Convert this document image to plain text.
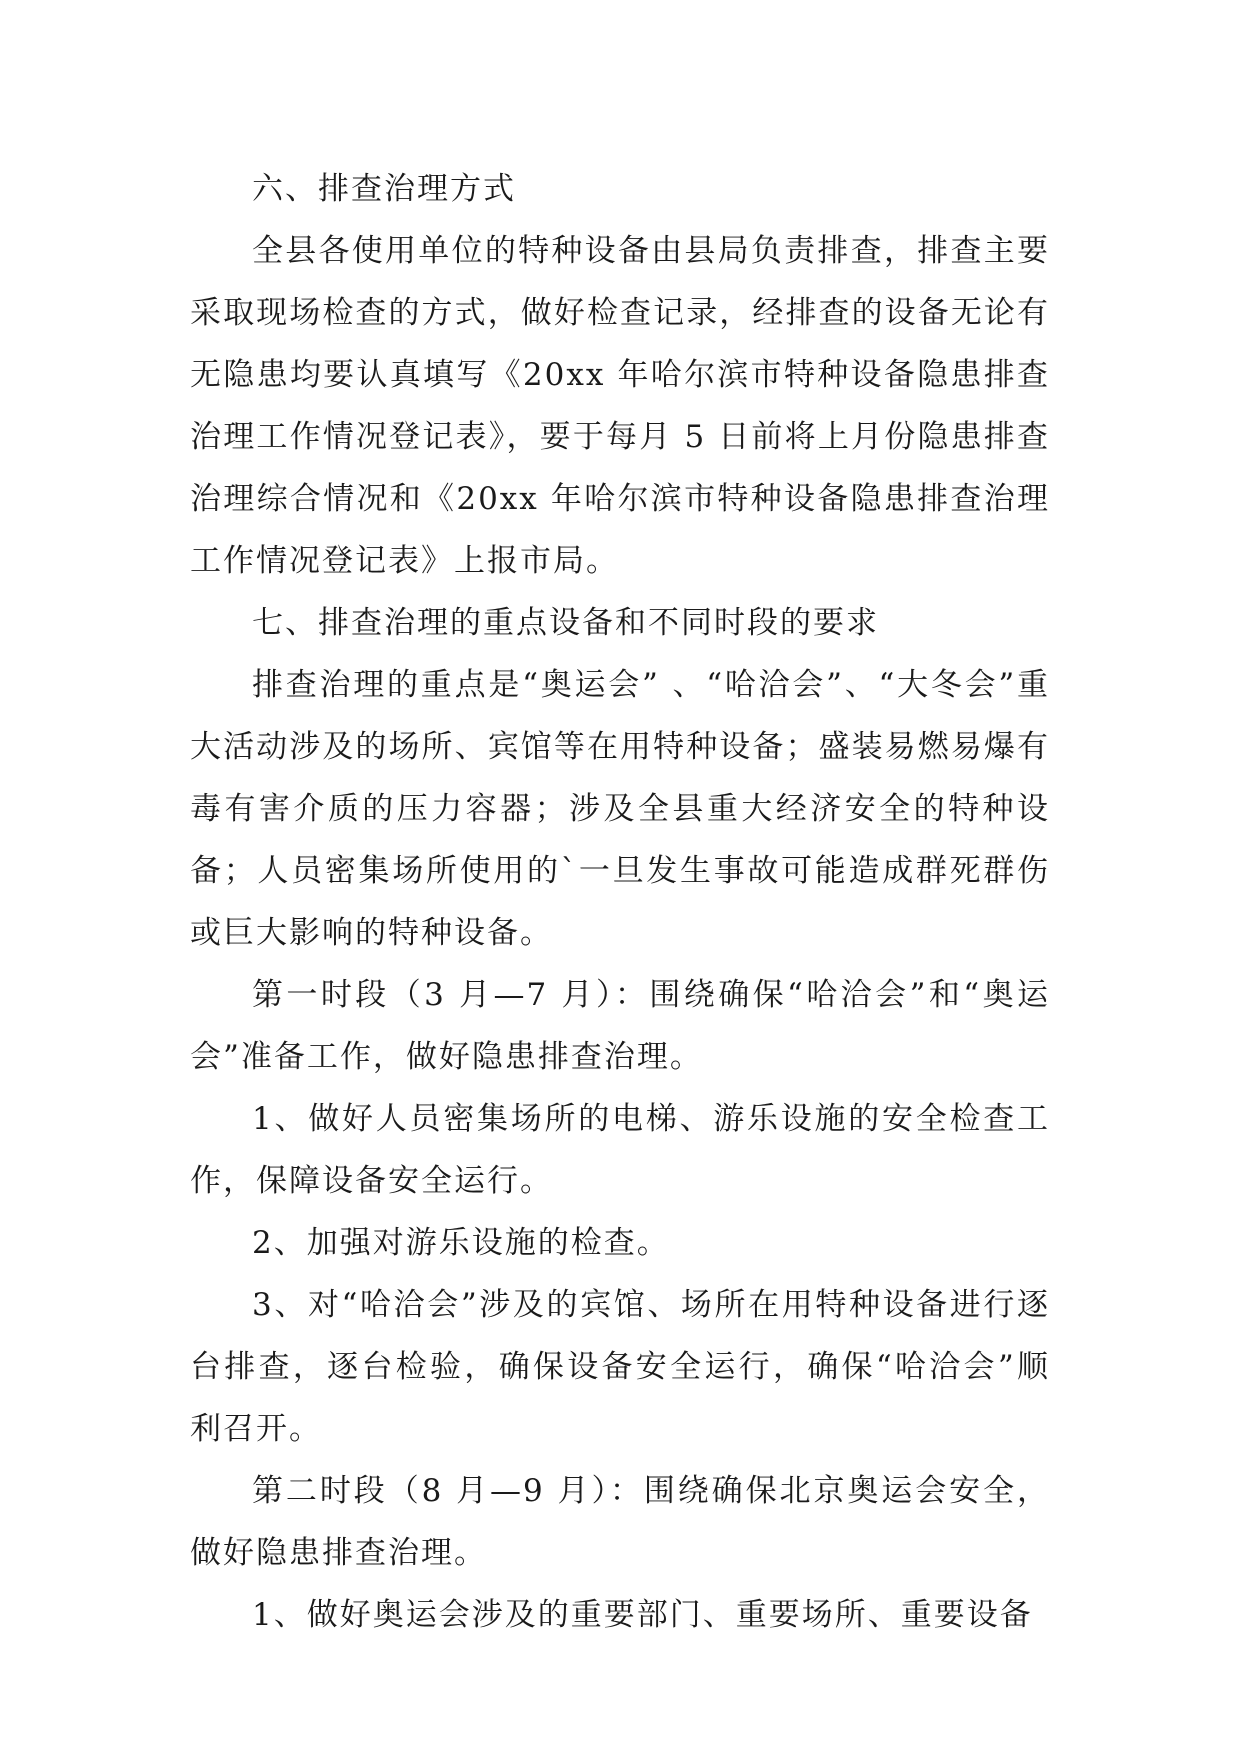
六、排查治理方式

全县各使用单位的特种设备由县局负责排查，排查主要采取现场检查的方式，做好检查记录，经排查的设备无论有无隐患均要认真填写《20xx 年哈尔滨市特种设备隐患排查治理工作情况登记表》，要于每月 5 日前将上月份隐患排查治理综合情况和《20xx 年哈尔滨市特种设备隐患排查治理工作情况登记表》上报市局。

七、排查治理的重点设备和不同时段的要求

排查治理的重点是“奥运会” 、“哈洽会”、“大冬会”重大活动涉及的场所、宾馆等在用特种设备；盛装易燃易爆有毒有害介质的压力容器；涉及全县重大经济安全的特种设备；人员密集场所使用的`一旦发生事故可能造成群死群伤或巨大影响的特种设备。

第一时段（3 月—7 月）：围绕确保“哈洽会”和“奥运会”准备工作，做好隐患排查治理。

1、做好人员密集场所的电梯、游乐设施的安全检查工作，保障设备安全运行。

2、加强对游乐设施的检查。

3、对“哈洽会”涉及的宾馆、场所在用特种设备进行逐台排查，逐台检验，确保设备安全运行，确保“哈洽会”顺利召开。

第二时段（8 月—9 月）：围绕确保北京奥运会安全，做好隐患排查治理。

1、做好奥运会涉及的重要部门、重要场所、重要设备
